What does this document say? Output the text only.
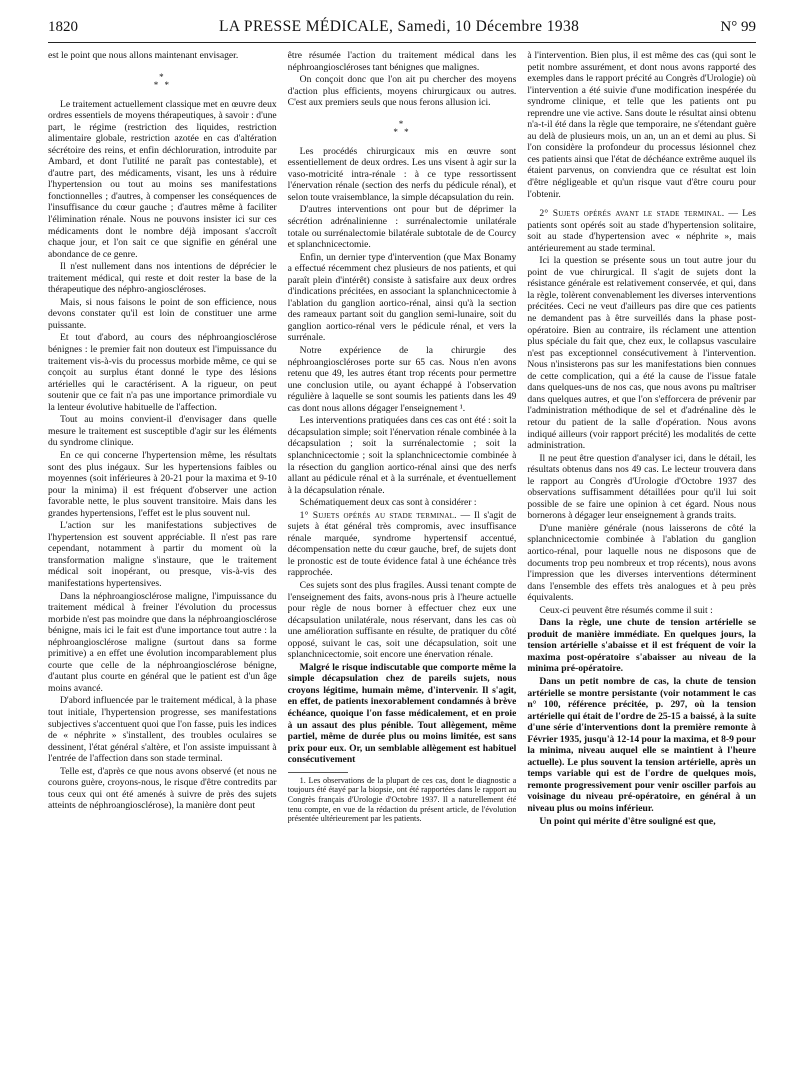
1820	LA PRESSE MÉDICALE, Samedi, 10 Décembre 1938	N° 99

est le point que nous allons maintenant envisager.

*
* *

Le traitement actuellement classique met en œuvre deux ordres essentiels de moyens thérapeutiques, à savoir : d'une part, le régime (restriction des liquides, restriction alimentaire globale, restriction azotée en cas d'altération sécrétoire des reins, et enfin déchloruration, introduite par Ambard, et dont l'utilité ne paraît pas contestable), et d'autre part, des médicaments, visant, les uns à réduire l'hypertension ou tout au moins ses manifestations fonctionnelles ; d'autres, à compenser les conséquences de l'insuffisance du cœur gauche ; d'autres même à faciliter l'élimination rénale. Nous ne pouvons insister ici sur ces médicaments dont le nombre déjà imposant s'accroît chaque jour, et l'on sait ce que signifie en général une abondance de ce genre.

Il n'est nullement dans nos intentions de déprécier le traitement médical, qui reste et doit rester la base de la thérapeutique des néphro-angioscléroses.

Mais, si nous faisons le point de son efficience, nous devons constater qu'il est loin de constituer une arme puissante.

Et tout d'abord, au cours des néphroangiosclérose bénignes : le premier fait non douteux est l'impuissance du traitement vis-à-vis du processus morbide même, ce qui se conçoit au surplus étant donné le type des lésions artérielles qui le caractérisent. A la rigueur, on peut soutenir que ce fait n'a pas une importance primordiale vu la lenteur évolutive habituelle de l'affection.

Tout au moins convient-il d'envisager dans quelle mesure le traitement est susceptible d'agir sur les éléments du syndrome clinique.

En ce qui concerne l'hypertension même, les résultats sont des plus inégaux. Sur les hypertensions faibles ou moyennes (soit inférieures à 20-21 pour la maxima et 9-10 pour la minima) il est fréquent d'observer une action favorable nette, le plus souvent transitoire. Mais dans les grandes hypertensions, l'effet est le plus souvent nul.

L'action sur les manifestations subjectives de l'hypertension est souvent appréciable. Il n'est pas rare cependant, notamment à partir du moment où la transformation maligne s'instaure, que le traitement médical soit inopérant, ou presque, vis-à-vis des manifestations hypertensives.

Dans la néphroangiosclérose maligne, l'impuissance du traitement médical à freiner l'évolution du processus morbide n'est pas moindre que dans la néphroangiosclérose bénigne, mais ici le fait est d'une importance tout autre : la néphroangiosclérose maligne (surtout dans sa forme primitive) a en effet une évolution incomparablement plus courte que celle de la néphroangiosclérose bénigne, d'autant plus courte en général que le patient est d'un âge moins avancé.

D'abord influencée par le traitement médical, à la phase tout initiale, l'hypertension progresse, ses manifestations subjectives s'accentuent quoi que l'on fasse, puis les indices de « néphrite » s'installent, des troubles oculaires se dessinent, l'état général s'altère, et l'on assiste impuissant à l'entrée de l'affection dans son stade terminal.

Telle est, d'après ce que nous avons observé (et nous ne courons guère, croyons-nous, le risque d'être contredits par tous ceux qui ont été amenés à suivre de près des sujets atteints de néphroangiosclérose), la manière dont peut

être résumée l'action du traitement médical dans les néphroangioscléroses tant bénignes que malignes.

On conçoit donc que l'on ait pu chercher des moyens d'action plus efficients, moyens chirurgicaux ou autres. C'est aux premiers seuls que nous ferons allusion ici.

*
* *

Les procédés chirurgicaux mis en œuvre sont essentiellement de deux ordres. Les uns visent à agir sur la vaso-motricité intra-rénale : à ce type ressortissent l'énervation rénale (section des nerfs du pédicule rénal), et selon toute vraisemblance, la simple décapsulation du rein.

D'autres interventions ont pour but de déprimer la sécrétion adrénalinienne : surrénalectomie unilatérale totale ou surrénalectomie bilatérale subtotale de de Courcy et splanchnicectomie.

Enfin, un dernier type d'intervention (que Max Bonamy a effectué récemment chez plusieurs de nos patients, et qui paraît plein d'intérêt) consiste à satisfaire aux deux ordres d'indications précitées, en associant la splanchnicectomie à l'ablation du ganglion aortico-rénal, ainsi qu'à la section des rameaux partant soit du ganglion semi-lunaire, soit du ganglion aortico-rénal vers le pédicule rénal, et vers la surrénale.

Notre expérience de la chirurgie des néphroangioscléroses porte sur 65 cas. Nous n'en avons retenu que 49, les autres étant trop récents pour permettre une conclusion utile, ou ayant échappé à l'observation régulière à laquelle se sont soumis les patients dans les 49 cas dont nous allons dégager l'enseignement ¹.

Les interventions pratiquées dans ces cas ont été : soit la décapsulation simple; soit l'énervation rénale combinée à la décapsulation ; soit la surrénalectomie ; soit la splanchnicectomie ; soit la splanchnicectomie combinée à la résection du ganglion aortico-rénal ainsi que des nerfs allant au pédicule rénal et à la surrénale, et éventuellement à la décapsulation rénale.

Schématiquement deux cas sont à considérer :

1° Sujets opérés au stade terminal. — Il s'agit de sujets à état général très compromis, avec insuffisance rénale marquée, syndrome hypertensif accentué, décompensation nette du cœur gauche, bref, de sujets dont le pronostic est de toute évidence fatal à une échéance très rapprochée.

Ces sujets sont des plus fragiles. Aussi tenant compte de l'enseignement des faits, avons-nous pris à l'heure actuelle pour règle de nous borner à effectuer chez eux une décapsulation unilatérale, nous réservant, dans les cas où une amélioration suffisante en résulte, de pratiquer du côté opposé, suivant le cas, soit une décapsulation, soit une splanchnicectomie, soit encore une énervation rénale.

Malgré le risque indiscutable que comporte même la simple décapsulation chez de pareils sujets, nous croyons légitime, humain même, d'intervenir. Il s'agit, en effet, de patients inexorablement condamnés à brève échéance, quoique l'on fasse médicalement, et en proie à un assaut des plus pénible. Tout allègement, même partiel, même de durée plus ou moins limitée, est sans prix pour eux. Or, un semblable allègement est habituel consécutivement

1. Les observations de la plupart de ces cas, dont le diagnostic a toujours été étayé par la biopsie, ont été rapportées dans le rapport au Congrès français d'Urologie d'Octobre 1937. Il a naturellement été tenu compte, en vue de la rédaction du présent article, de l'évolution présentée ultérieurement par les patients.

à l'intervention. Bien plus, il est même des cas (qui sont le petit nombre assurément, et dont nous avons rapporté des exemples dans le rapport précité au Congrès d'Urologie) où l'intervention a été suivie d'une modification inespérée du syndrome clinique, et telle que les patients ont pu reprendre une vie active. Sans doute le résultat ainsi obtenu n'a-t-il été dans la règle que temporaire, ne s'étendant guère au delà de plusieurs mois, un an, un an et demi au plus. Si l'on considère la profondeur du processus lésionnel chez ces patients ainsi que l'état de déchéance extrême auquel ils étaient parvenus, on conviendra que ce résultat est loin d'être négligeable et qu'un risque vaut d'être couru pour l'obtenir.

2° Sujets opérés avant le stade terminal. — Les patients sont opérés soit au stade d'hypertension solitaire, soit au stade d'hypertension avec « néphrite », mais antérieurement au stade terminal.

Ici la question se présente sous un tout autre jour du point de vue chirurgical. Il s'agit de sujets dont la résistance générale est relativement conservée, et qui, dans la règle, tolèrent convenablement les diverses interventions précitées. Ceci ne veut d'ailleurs pas dire que ces patients ne demandent pas à être surveillés dans la phase post-opératoire. Bien au contraire, ils réclament une attention plus spéciale du fait que, chez eux, le collapsus vasculaire n'est pas exceptionnel consécutivement à l'intervention. Nous n'insisterons pas sur les manifestations bien connues de cette complication, qui a été la cause de l'issue fatale dans quelques-uns de nos cas, que nous avons pu maîtriser dans quelques autres, et que l'on s'efforcera de prévenir par l'administration méthodique de sel et d'adrénaline dès le retour du patient de la salle d'opération. Nous avons indiqué ailleurs (voir rapport précité) les modalités de cette administration.

Il ne peut être question d'analyser ici, dans le détail, les résultats obtenus dans nos 49 cas. Le lecteur trouvera dans le rapport au Congrès d'Urologie d'Octobre 1937 des observations suffisamment détaillées pour qu'il lui soit possible de se faire une opinion à cet égard. Nous nous bornerons à dégager leur enseignement à grands traits.

D'une manière générale (nous laisserons de côté la splanchnicectomie combinée à l'ablation du ganglion aortico-rénal, pour laquelle nous ne disposons que de documents trop peu nombreux et trop récents), nous avons l'impression que les diverses interventions déterminent dans l'ensemble des effets très analogues et à peu près équivalents.

Ceux-ci peuvent être résumés comme il suit :

Dans la règle, une chute de tension artérielle se produit de manière immédiate. En quelques jours, la tension artérielle s'abaisse et il est fréquent de voir la maxima post-opératoire s'abaisser au niveau de la minima pré-opératoire.

Dans un petit nombre de cas, la chute de tension artérielle se montre persistante (voir notamment le cas n° 100, référence précitée, p. 297, où la tension artérielle qui était de l'ordre de 25-15 a baissé, à la suite d'une série d'interventions dont la première remonte à Février 1935, jusqu'à 12-14 pour la maxima, et 8-9 pour la minima, niveau auquel elle se maintient à l'heure actuelle). Le plus souvent la tension artérielle, après un temps variable qui est de l'ordre de quelques mois, remonte progressivement pour venir osciller parfois au voisinage du niveau pré-opératoire, en général à un niveau plus ou moins inférieur.

Un point qui mérite d'être souligné est que,
